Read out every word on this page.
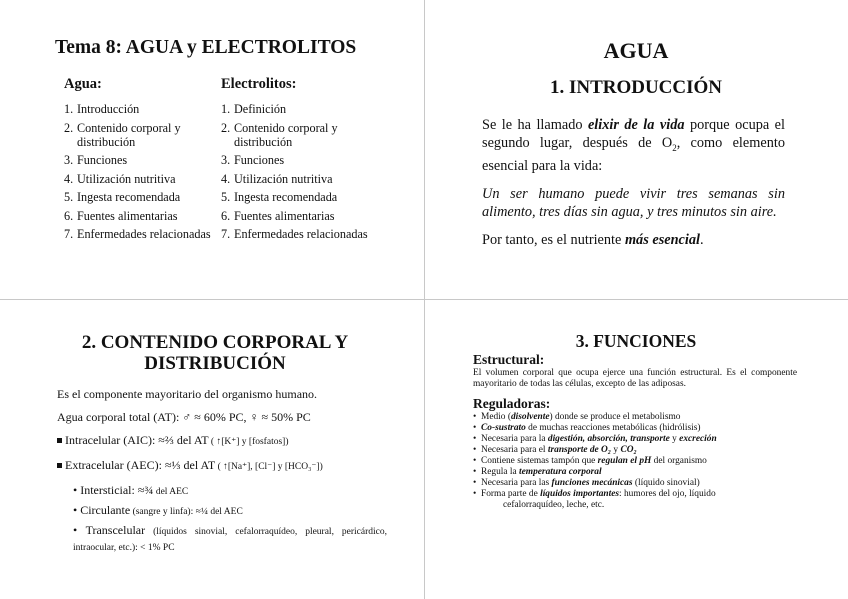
Tema 8: AGUA y ELECTROLITOS
Agua:
1. Introducción
2. Contenido corporal y distribución
3. Funciones
4. Utilización nutritiva
5. Ingesta recomendada
6. Fuentes alimentarias
7. Enfermedades relacionadas
Electrolitos:
1. Definición
2. Contenido corporal y distribución
3. Funciones
4. Utilización nutritiva
5. Ingesta recomendada
6. Fuentes alimentarias
7. Enfermedades relacionadas
AGUA
1. INTRODUCCIÓN

Se le ha llamado elixir de la vida porque ocupa el segundo lugar, después de $O_2$, como elemento esencial para la vida:

Un ser humano puede vivir tres semanas sin alimento, tres días sin agua, y tres minutos sin aire.

Por tanto, es el nutriente más esencial.

2. CONTENIDO CORPORAL Y DISTRIBUCIÓN
Es el componente mayoritario del organismo humano.
Agua corporal total (AT): ♂ ≈ 60% PC, ♀ ≈ 50% PC
Intracelular (AIC): ≈⅔ del AT ( ↑[K⁺] y [fosfatos])
Extracelular (AEC): ≈⅓ del AT ( ↑[Na⁺], [Cl⁻] y [HCO₃⁻])
• Intersticial: ≈¾ del AEC
• Circulante (sangre y linfa): ≈¼ del AEC
• Transcelular (líquidos sinovial, cefalorraquídeo, pleural, pericárdico, intraocular, etc.): < 1% PC
3. FUNCIONES
Estructural:
El volumen corporal que ocupa ejerce una función estructural. Es el componente mayoritario de todas las células, excepto de las adiposas.
Reguladoras:
• Medio (disolvente) donde se produce el metabolismo
• Co-sustrato de muchas reacciones metabólicas (hidrólisis)
• Necesaria para la digestión, absorción, transporte y excreción
• Necesaria para el transporte de O₂ y CO₂
• Contiene sistemas tampón que regulan el pH del organismo
• Regula la temperatura corporal
• Necesaria para las funciones mecánicas (líquido sinovial)
• Forma parte de líquidos importantes: humores del ojo, líquido
cefalorraquídeo, leche, etc.
